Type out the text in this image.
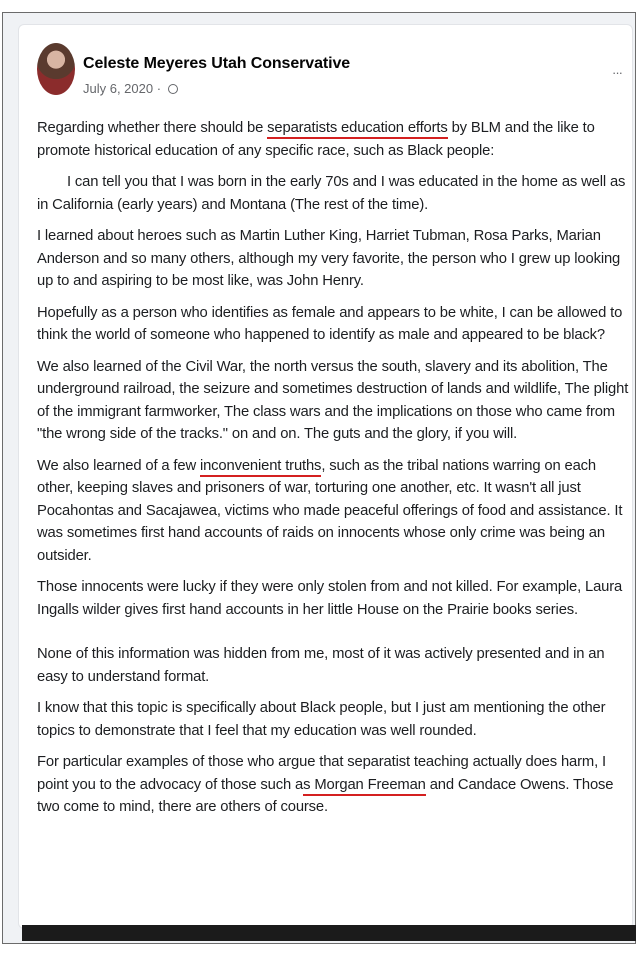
Celeste Meyeres Utah Conservative
July 6, 2020 ·
···

Regarding whether there should be separatists education efforts by BLM and the like to promote historical education of any specific race, such as Black people:

I can tell you that I was born in the early 70s and I was educated in the home as well as in California (early years) and Montana (The rest of the time).

I learned about heroes such as Martin Luther King, Harriet Tubman, Rosa Parks, Marian Anderson and so many others, although my very favorite, the person who I grew up looking up to and aspiring to be most like, was John Henry.

Hopefully as a person who identifies as female and appears to be white, I can be allowed to think the world of someone who happened to identify as male and appeared to be black?

We also learned of the Civil War, the north versus the south, slavery and its abolition, The underground railroad, the seizure and sometimes destruction of lands and wildlife, The plight of the immigrant farmworker, The class wars and the implications on those who came from "the wrong side of the tracks." on and on. The guts and the glory, if you will.

We also learned of a few inconvenient truths, such as the tribal nations warring on each other, keeping slaves and prisoners of war, torturing one another, etc. It wasn't all just Pocahontas and Sacajawea, victims who made peaceful offerings of food and assistance. It was sometimes first hand accounts of raids on innocents whose only crime was being an outsider.

Those innocents were lucky if they were only stolen from and not killed. For example, Laura Ingalls wilder gives first hand accounts in her little House on the Prairie books series.

None of this information was hidden from me, most of it was actively presented and in an easy to understand format.

I know that this topic is specifically about Black people, but I just am mentioning the other topics to demonstrate that I feel that my education was well rounded.

For particular examples of those who argue that separatist teaching actually does harm, I point you to the advocacy of those such as Morgan Freeman and Candace Owens. Those two come to mind, there are others of course.
